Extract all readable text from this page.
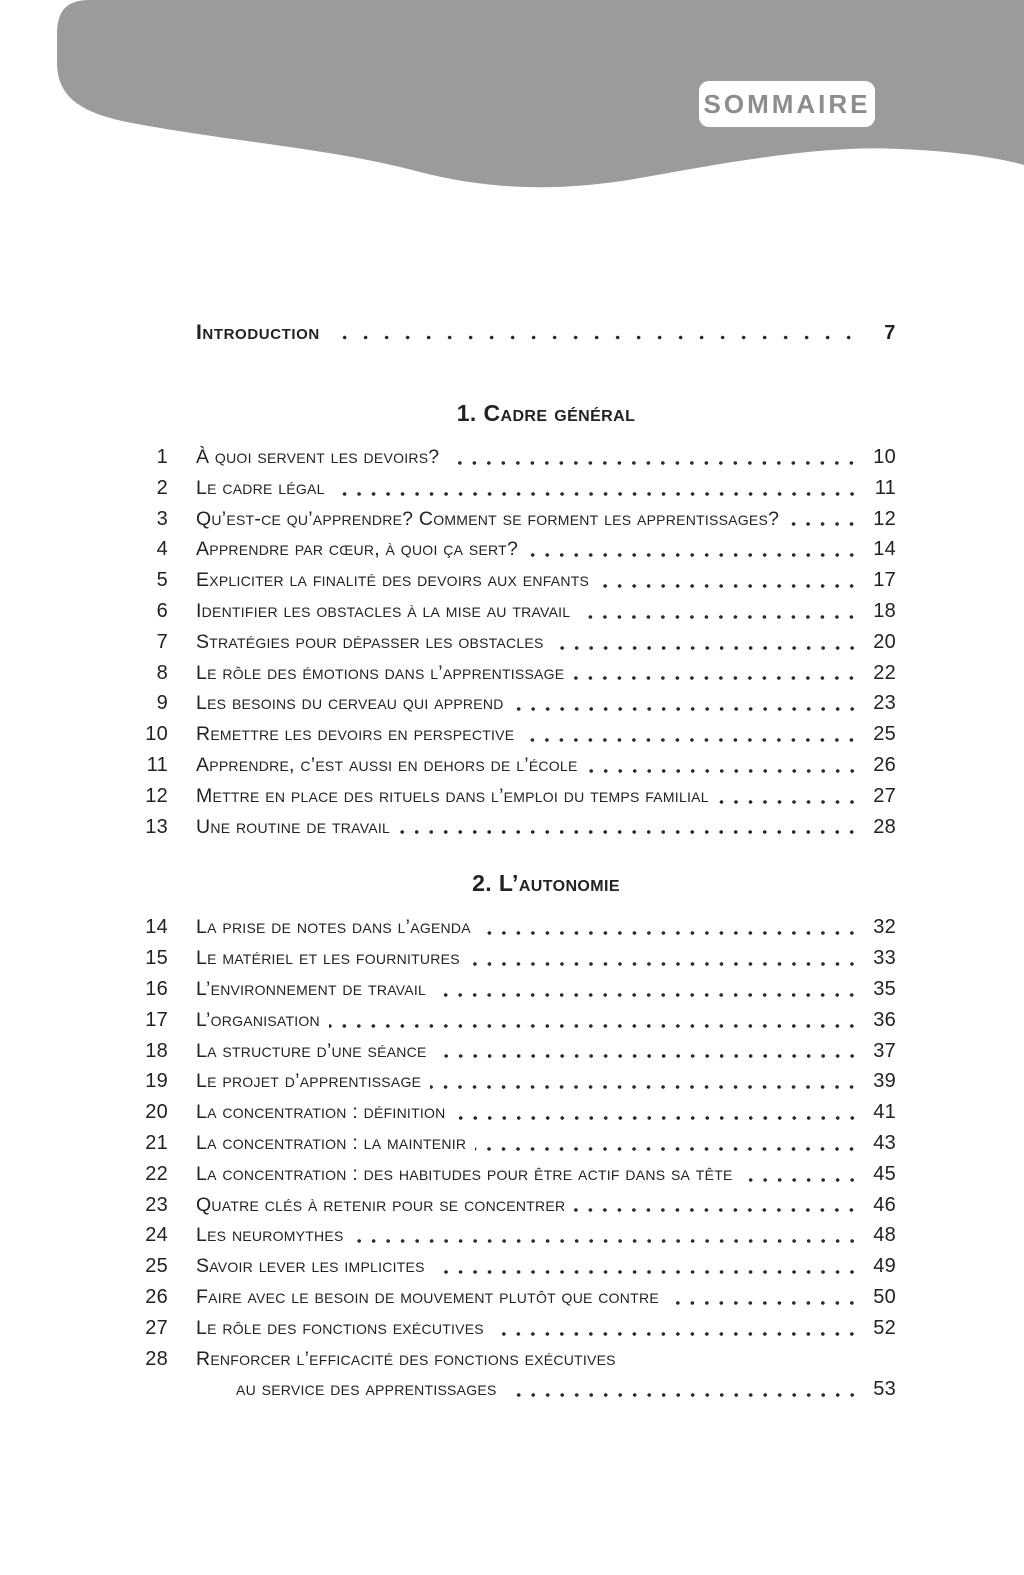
SOMMAIRE
Introduction	7
1. Cadre général
1 À quoi servent les devoirs?	10
2 Le cadre légal	11
3 Qu’est-ce qu’apprendre? Comment se forment les apprentissages?	12
4 Apprendre par cœur, à quoi ça sert?	14
5 Expliciter la finalité des devoirs aux enfants	17
6 Identifier les obstacles à la mise au travail	18
7 Stratégies pour dépasser les obstacles	20
8 Le rôle des émotions dans l’apprentissage	22
9 Les besoins du cerveau qui apprend	23
10 Remettre les devoirs en perspective	25
11 Apprendre, c’est aussi en dehors de l’école	26
12 Mettre en place des rituels dans l’emploi du temps familial	27
13 Une routine de travail	28
2. L’autonomie
14 La prise de notes dans l’agenda	32
15 Le matériel et les fournitures	33
16 L’environnement de travail	35
17 L’organisation	36
18 La structure d’une séance	37
19 Le projet d’apprentissage	39
20 La concentration : définition	41
21 La concentration : la maintenir	43
22 La concentration : des habitudes pour être actif dans sa tête	45
23 Quatre clés à retenir pour se concentrer	46
24 Les neuromythes	48
25 Savoir lever les implicites	49
26 Faire avec le besoin de mouvement plutôt que contre	50
27 Le rôle des fonctions exécutives	52
28 Renforcer l’efficacité des fonctions exécutives
au service des apprentissages	53
